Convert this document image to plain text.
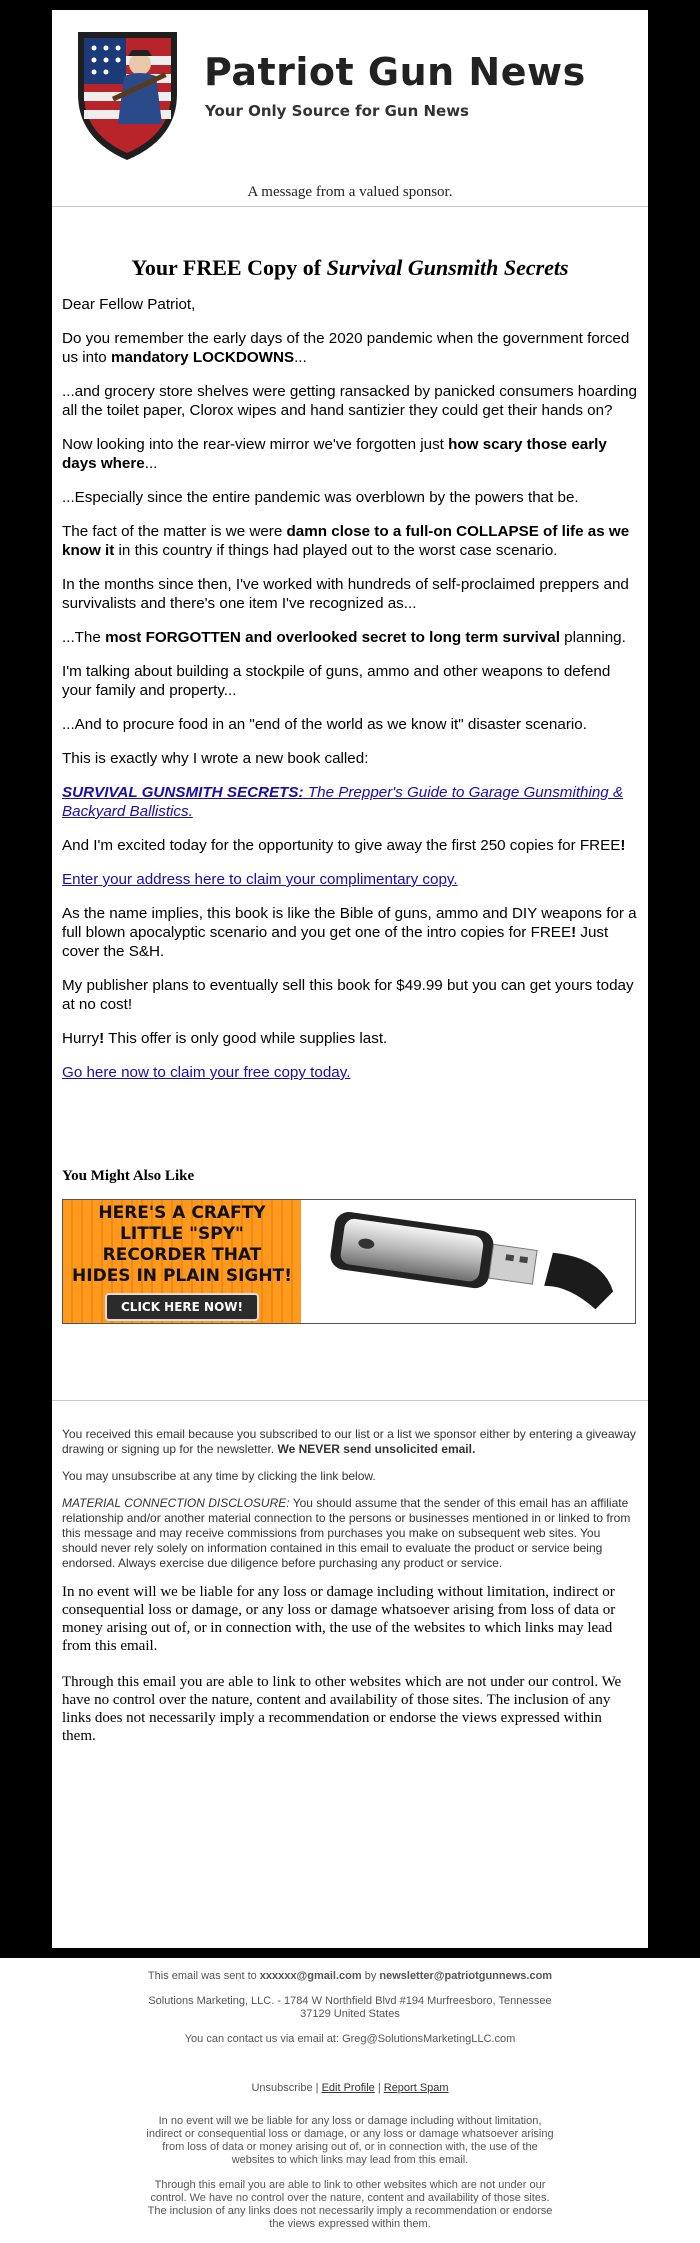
Patriot Gun News
Your Only Source for Gun News
A message from a valued sponsor.
Your FREE Copy of Survival Gunsmith Secrets

Dear Fellow Patriot,

Do you remember the early days of the 2020 pandemic when the government forced us into mandatory LOCKDOWNS...

...and grocery store shelves were getting ransacked by panicked consumers hoarding all the toilet paper, Clorox wipes and hand santizier they could get their hands on?

Now looking into the rear-view mirror we've forgotten just how scary those early days where...

...Especially since the entire pandemic was overblown by the powers that be.

The fact of the matter is we were damn close to a full-on COLLAPSE of life as we know it in this country if things had played out to the worst case scenario.

In the months since then, I've worked with hundreds of self-proclaimed preppers and survivalists and there's one item I've recognized as...

...The most FORGOTTEN and overlooked secret to long term survival planning.

I'm talking about building a stockpile of guns, ammo and other weapons to defend your family and property...

...And to procure food in an "end of the world as we know it" disaster scenario.

This is exactly why I wrote a new book called:

SURVIVAL GUNSMITH SECRETS: The Prepper's Guide to Garage Gunsmithing & Backyard Ballistics.

And I'm excited today for the opportunity to give away the first 250 copies for FREE!

Enter your address here to claim your complimentary copy.

As the name implies, this book is like the Bible of guns, ammo and DIY weapons for a full blown apocalyptic scenario and you get one of the intro copies for FREE! Just cover the S&H.

My publisher plans to eventually sell this book for $49.99 but you can get yours today at no cost!

Hurry! This offer is only good while supplies last.

Go here now to claim your free copy today.

You Might Also Like
HERE'S A CRAFTY LITTLE "SPY" RECORDER THAT HIDES IN PLAIN SIGHT!
CLICK HERE NOW!

You received this email because you subscribed to our list or a list we sponsor either by entering a giveaway drawing or signing up for the newsletter. We NEVER send unsolicited email.

You may unsubscribe at any time by clicking the link below.

MATERIAL CONNECTION DISCLOSURE: You should assume that the sender of this email has an affiliate relationship and/or another material connection to the persons or businesses mentioned in or linked to from this message and may receive commissions from purchases you make on subsequent web sites. You should never rely solely on information contained in this email to evaluate the product or service being endorsed. Always exercise due diligence before purchasing any product or service.

In no event will we be liable for any loss or damage including without limitation, indirect or consequential loss or damage, or any loss or damage whatsoever arising from loss of data or money arising out of, or in connection with, the use of the websites to which links may lead from this email.

Through this email you are able to link to other websites which are not under our control. We have no control over the nature, content and availability of those sites. The inclusion of any links does not necessarily imply a recommendation or endorse the views expressed within them.

This email was sent to xxxxxx@gmail.com by newsletter@patriotgunnews.com

Solutions Marketing, LLC. - 1784 W Northfield Blvd #194 Murfreesboro, Tennessee 37129 United States

You can contact us via email at: Greg@SolutionsMarketingLLC.com

Unsubscribe | Edit Profile | Report Spam

In no event will we be liable for any loss or damage including without limitation, indirect or consequential loss or damage, or any loss or damage whatsoever arising from loss of data or money arising out of, or in connection with, the use of the websites to which links may lead from this email.

Through this email you are able to link to other websites which are not under our control. We have no control over the nature, content and availability of those sites. The inclusion of any links does not necessarily imply a recommendation or endorse the views expressed within them.
